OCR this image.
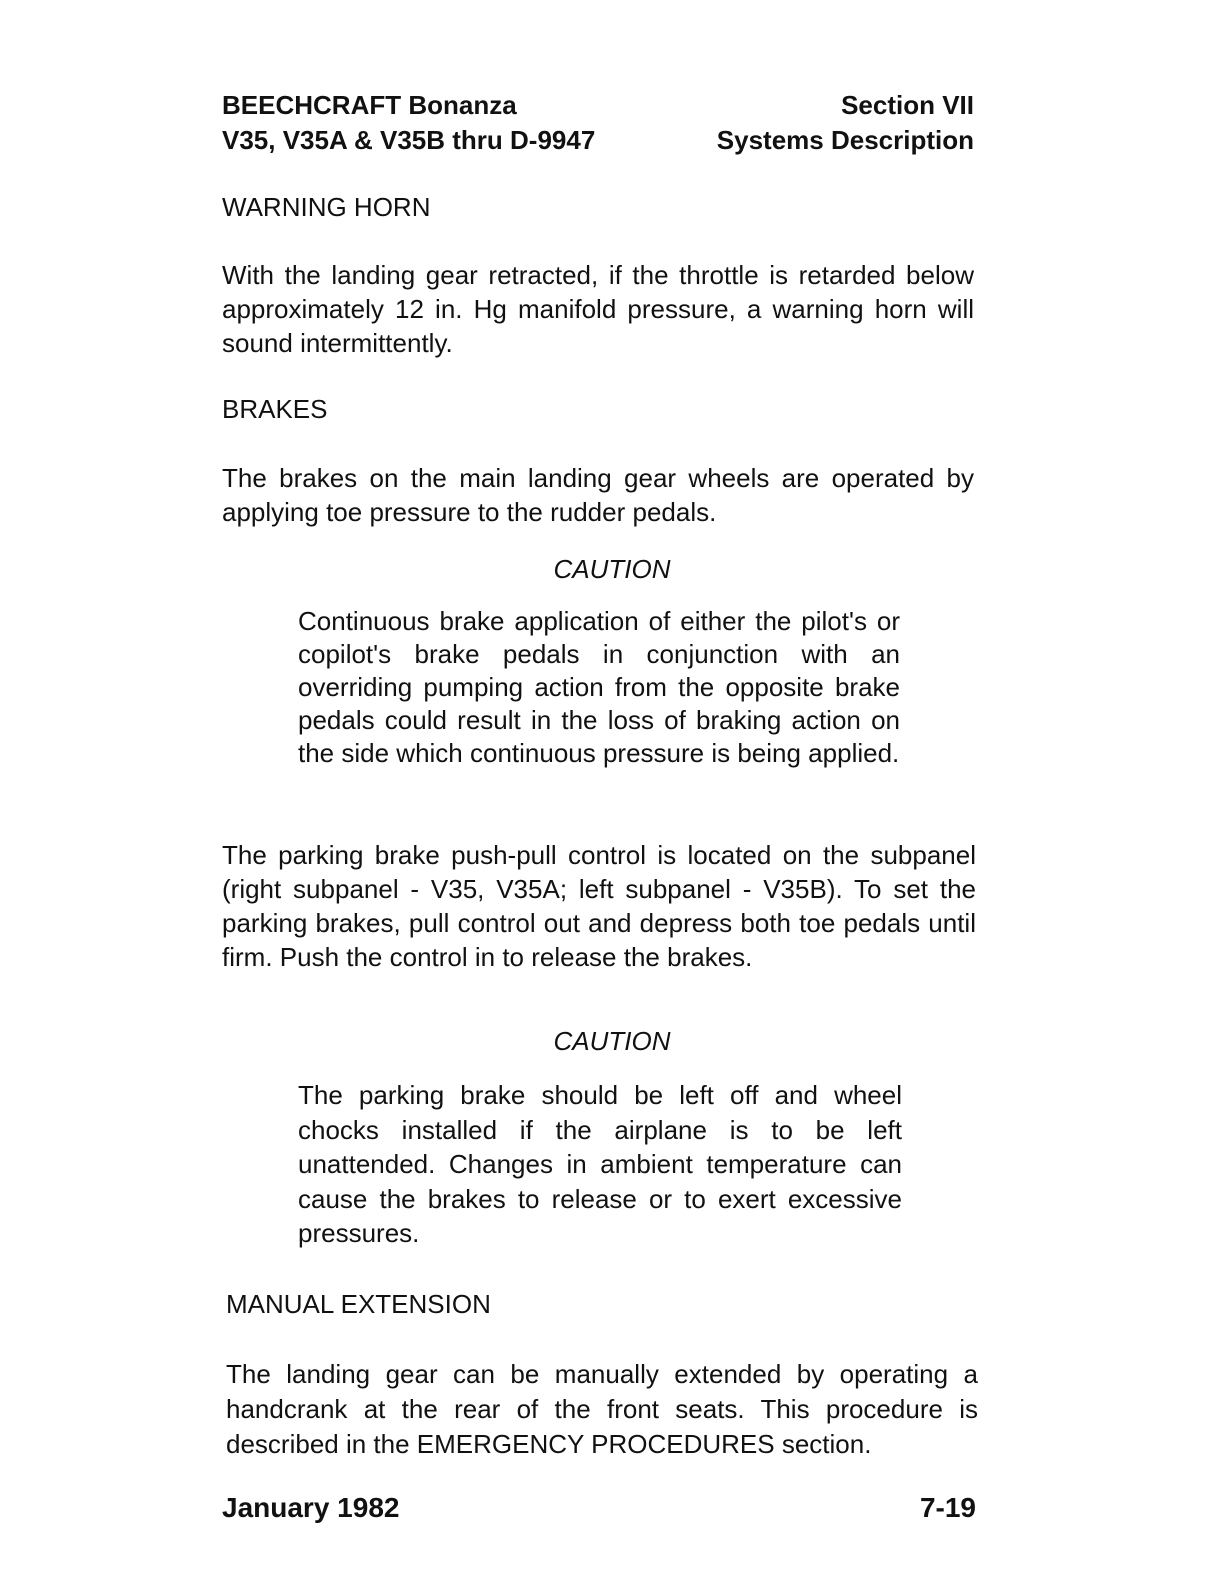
BEECHCRAFT Bonanza
V35, V35A & V35B thru D-9947
Section VII
Systems Description
WARNING HORN
With the landing gear retracted, if the throttle is retarded below approximately 12 in. Hg manifold pressure, a warning horn will sound intermittently.
BRAKES
The brakes on the main landing gear wheels are operated by applying toe pressure to the rudder pedals.
CAUTION
Continuous brake application of either the pilot's or copilot's brake pedals in conjunction with an overriding pumping action from the opposite brake pedals could result in the loss of braking action on the side which continuous pressure is being applied.
The parking brake push-pull control is located on the subpanel (right subpanel - V35, V35A; left subpanel - V35B). To set the parking brakes, pull control out and depress both toe pedals until firm. Push the control in to release the brakes.
CAUTION
The parking brake should be left off and wheel chocks installed if the airplane is to be left unattended. Changes in ambient temperature can cause the brakes to release or to exert excessive pressures.
MANUAL EXTENSION
The landing gear can be manually extended by operating a handcrank at the rear of the front seats. This procedure is described in the EMERGENCY PROCEDURES section.
January 1982	7-19
